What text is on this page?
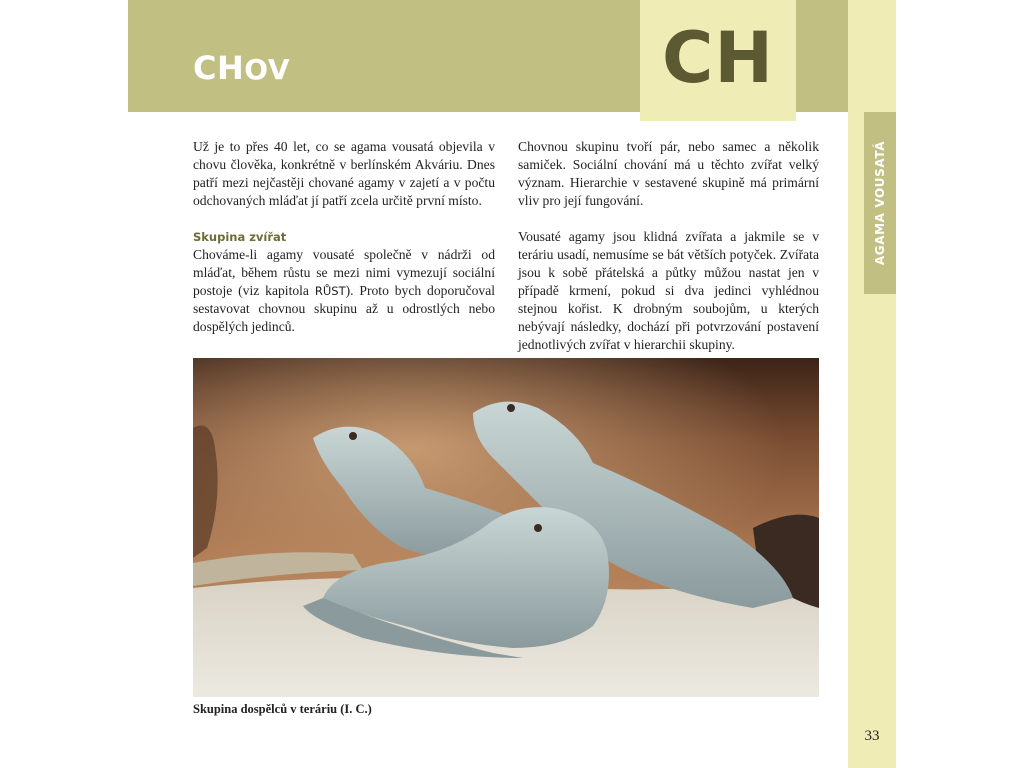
CHOV	CH
AGAMA VOUSATÁ

Už je to přes 40 let, co se agama vousatá objevila v chovu člověka, konkrétně v berlínském Akváriu. Dnes patří mezi nejčastěji chované agamy v zajetí a v počtu odchovaných mláďat jí patří zcela určitě první místo.

Skupina zvířat

Chováme-li agamy vousaté společně v nádrži od mláďat, během růstu se mezi nimi vymezují sociální postoje (viz kapitola RŮST). Proto bych doporučoval sestavovat chovnou skupinu až u odrostlých nebo dospělých jedinců.

Chovnou skupinu tvoří pár, nebo samec a několik samiček. Sociální chování má u těchto zvířat velký význam. Hierarchie v sestavené skupině má primární vliv pro její fungování.

Vousaté agamy jsou klidná zvířata a jakmile se v teráriu usadí, nemusíme se bát větších potyček. Zvířata jsou k sobě přátelská a půtky můžou nastat jen v případě krmení, pokud si dva jedinci vyhlédnou stejnou kořist. K drobným soubojům, u kterých nebývají následky, dochází při potvrzování postavení jednotlivých zvířat v hierarchii skupiny.

Skupina dospělců v teráriu (I. C.)
33
